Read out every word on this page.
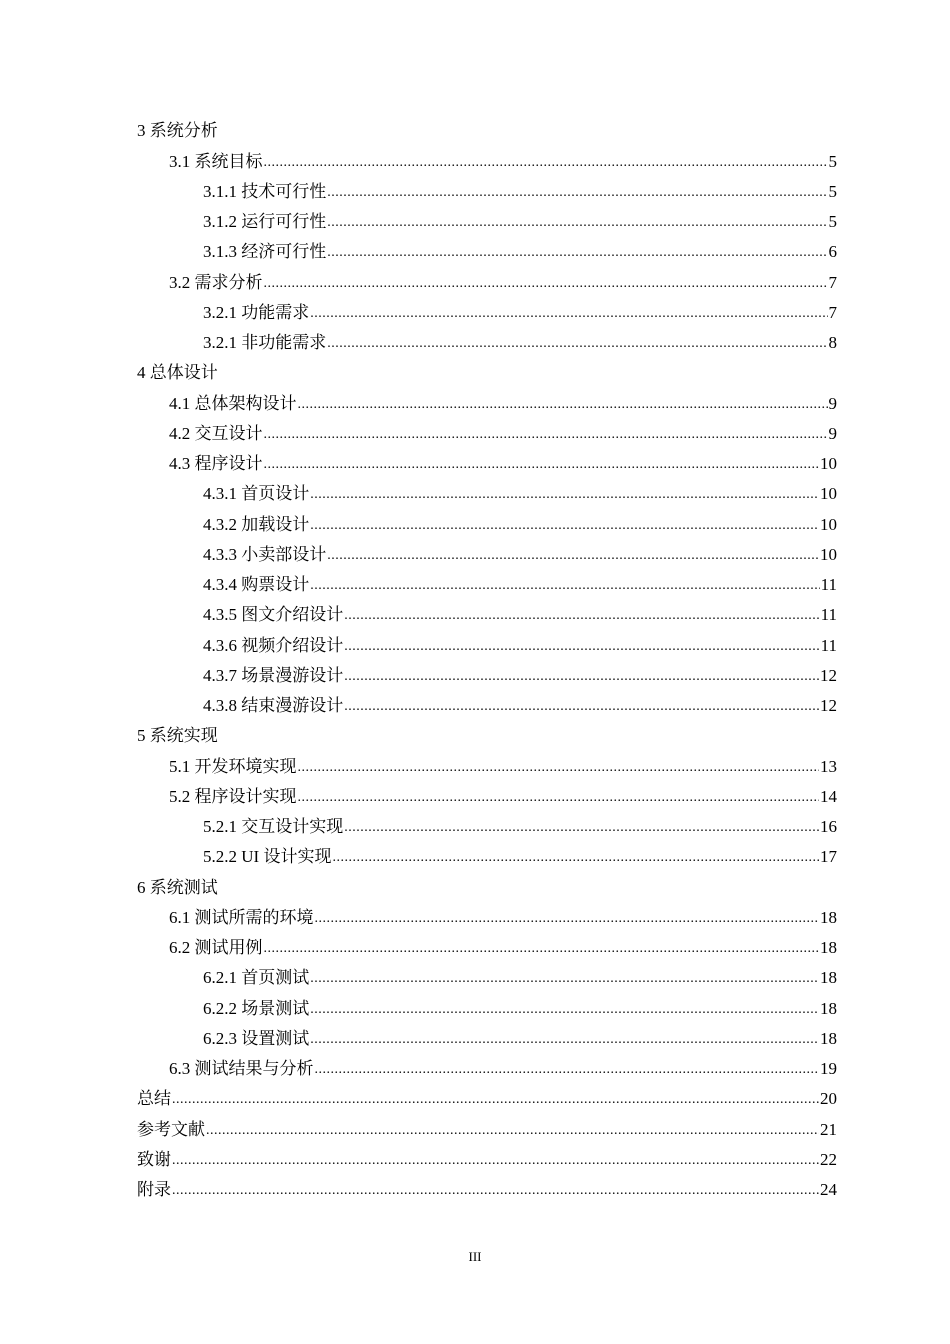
3 系统分析
3.1 系统目标 .....	5
3.1.1 技术可行性 .....	5
3.1.2 运行可行性 .....	5
3.1.3 经济可行性 .....	6
3.2 需求分析 .....	7
3.2.1 功能需求 .....	7
3.2.1 非功能需求 .....	8
4 总体设计
4.1 总体架构设计 .....	9
4.2 交互设计 .....	9
4.3 程序设计 .....	10
4.3.1 首页设计 .....	10
4.3.2 加载设计 .....	10
4.3.3 小卖部设计 .....	10
4.3.4 购票设计 .....	11
4.3.5 图文介绍设计 .....	11
4.3.6 视频介绍设计 .....	11
4.3.7 场景漫游设计 .....	12
4.3.8 结束漫游设计 .....	12
5 系统实现
5.1 开发环境实现 .....	13
5.2 程序设计实现 .....	14
5.2.1 交互设计实现 .....	16
5.2.2 UI 设计实现 .....	17
6 系统测试
6.1 测试所需的环境 .....	18
6.2 测试用例 .....	18
6.2.1 首页测试 .....	18
6.2.2 场景测试 .....	18
6.2.3 设置测试 .....	18
6.3 测试结果与分析 .....	19
总结 .....	20
参考文献 .....	21
致谢 .....	22
附录 .....	24
III
